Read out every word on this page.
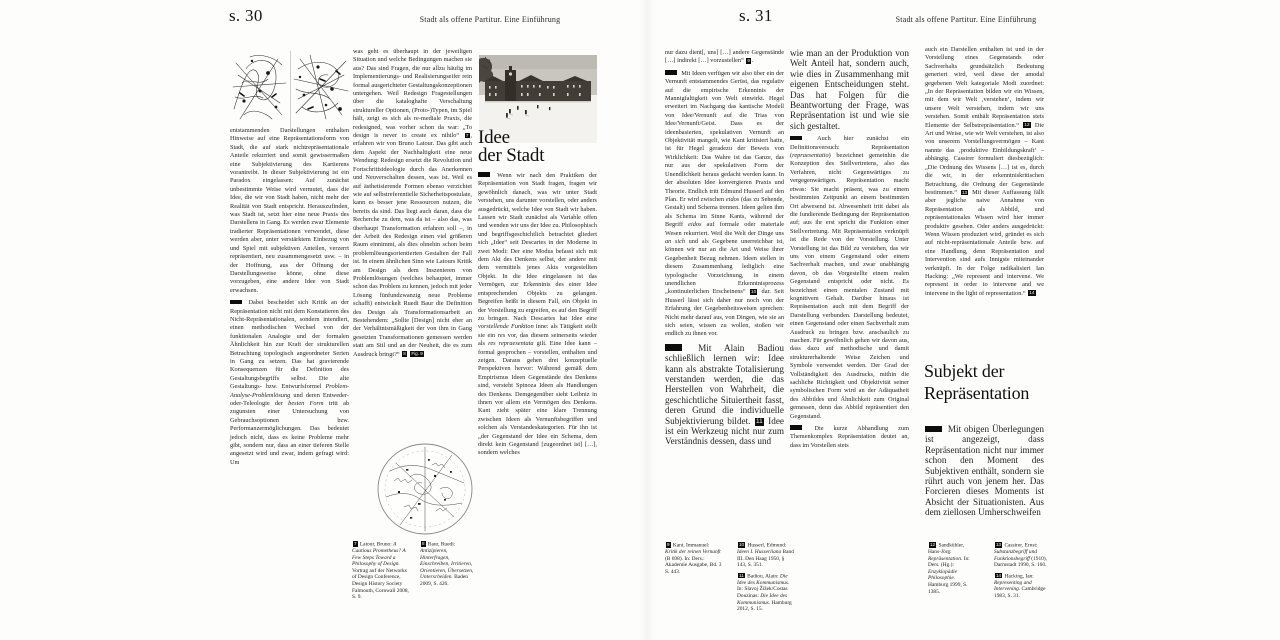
s. 30	Stadt als offene Partitur. Eine Einführung

entstammenden Darstellungen enthalten Hinweise auf eine Repräsentationsform von Stadt, die auf stark nichtrepräsentationale Anteile rekurriert und somit gewissermaßen eine Subjektivierung des Kartierens vorantreibt. In dieser Subjektivierung ist ein Paradox eingelassen: Auf zunächst unbestimmte Weise wird vermutet, dass die Idee, die wir von Stadt haben, nicht mehr der Realität von Stadt entspricht. Herauszufinden, was Stadt ist, setzt hier eine neue Praxis des Darstellens in Gang. Es werden zwar Elemente tradierter Repräsentationen verwendet, diese werden aber, unter verstärktem Einbezug von und Spiel mit subjektiven Anteilen, verzerrt repräsentiert, neu zusammengesetzt usw. – in der Hoffnung, aus der Öffnung der Darstellungsweise könne, ohne diese vorzugeben, eine andere Idee von Stadt erwachsen.

Dabei bescheidet sich Kritik an der Repräsentation nicht mit dem Konstatieren des Nicht-Repräsentationalen, sondern intendiert, einen methodischen Wechsel von der funktionalen Analogie und der formalen Ähnlichkeit hin zur Kraft der strukturellen Betrachtung topologisch angeordneter Serien in Gang zu setzen. Das hat gravierende Konsequenzen für die Definition des Gestaltungsbegriffs selbst. Die alte Gestaltungs- bzw. Entwurfsformel Problem-Analyse-Problemlösung und deren Entweder-oder-Teleologie der besten Form tritt ab zugunsten einer Untersuchung von Gebrauchsoptionen bzw. Performanzermöglichungen. Das bedeutet jedoch nicht, dass es keine Probleme mehr gibt, sondern nur, dass an einer tieferen Stelle angesetzt wird und zwar, indem gefragt wird: Um

was geht es überhaupt in der jeweiligen Situation und welche Bedingungen machen sie aus? Das sind Fragen, die nur allzu häufig im Implementierungs- und Realisierungseifer rein formal ausgerichteter Gestaltungskonzeptionen untergehen. Weil Redesign Fragestellungen über die kataloghafte Verschaltung struktureller Optionen, (Proto-)Typen, im Spiel hält, zeigt es sich als re-mediale Praxis, die redesigned, was vorher schon da war: „To design is never to create ex nihilo“ 7 , erfahren wir von Bruno Latour. Das gibt auch dem Aspekt der Nachhaltigkeit eine neue Wendung: Redesign ersetzt die Revolution und Fortschrittsideologie durch das Anerkennen und Neuverschalten dessen, was ist. Weil es auf ästhetisierende Formen ebenso verzichtet wie auf selbstreferentielle Sicherheitspostulate, kann es besser jene Ressourcen nutzen, die bereits da sind. Das liegt auch daran, dass die Recherche zu dem, was da ist – also das, was überhaupt Transformation erfahren soll –, in der Arbeit des Redesign einen viel größeren Raum einnimmt, als dies ohnehin schon beim problemlösungsorientierten Gestalten der Fall ist. In einem ähnlichen Sinn wie Latours Kritik am Design als dem Inszenieren von Problemlösungen (welches behauptet, immer schon das Problem zu kennen, jedoch mit jeder Lösung fünfundzwanzig neue Probleme schafft) entwickelt Ruedi Baur die Definition des Design als Transformationsarbeit an Bestehendem: „Sollte [Design] nicht eher an der Verhältnismäßigkeit der von ihm in Gang gesetzten Transformationen gemessen werden statt am Stil und an der Neuheit, die es zum Ausdruck bringt?“ 8 Fig. 9

Idee
der Stadt

Wenn wir nach den Praktiken der Repräsentation von Stadt fragen, fragen wir gewöhnlich danach, was wir unter Stadt verstehen, uns darunter vorstellen, oder anders ausgedrückt, welche Idee von Stadt wir haben. Lassen wir Stadt zunächst als Variable offen und wenden wir uns der Idee zu. Philosophisch und begriffsgeschichtlich betrachtet gliedert sich „Idee“ seit Descartes in der Moderne in zwei Modi: Der eine Modus befasst sich mit dem Akt des Denkens selbst, der andere mit dem vermittels jenes Akts vorgestellten Objekt. In die Idee eingelassen ist das Vermögen, zur Erkenntnis des einer Idee entsprechenden Objekts zu gelangen. Begreifen heißt in diesem Fall, ein Objekt in der Vorstellung zu ergreifen, es auf den Begriff zu bringen. Nach Descartes hat Idee eine vorstellende Funktion inne: als Tätigkeit stellt sie ein res vor, das diesem seinerseits wieder als res repraesentata gilt. Eine Idee kann – formal gesprochen – vorstellen, enthalten und zeigen. Daraus gehen drei konzeptuelle Perspektiven hervor: Während gemäß dem Empirismus Ideen Gegenstände des Denkens sind, versteht Spinoza Ideen als Handlungen des Denkens. Demgegenüber sieht Leibniz in ihnen vor allem ein Vermögen des Denkens. Kant zieht später eine klare Trennung zwischen Ideen als Vernunftsbegriffen und solchen als Verstandeskategorien. Für ihn ist „der Gegenstand der Idee ein Schema, dem direkt kein Gegenstand [zugeordnet ist] […], sondern welches

7 Latour, Bruno: A Cautious Prometheus? A Few Steps Toward a Philosophy of Design. Vortrag auf der Networks of Design Conference, Design History Society Falmouth, Cornwall 2008, S. 9.

8 Baur, Ruedi: Antizipieren, Hinterfragen, Einschreiben, Irritieren, Orientieren, Übersetzen, Unterscheiden. Baden 2009, S. 426.

s. 31	Stadt als offene Partitur. Eine Einführung

nur dazu dient[, uns] […] andere Gegenstände […] indirekt […] vorzustellen“ 9 .

Mit Ideen verfügen wir also über ein der Vernunft entstammendes Gerüst, das regulativ auf die empirische Erkenntnis der Mannigfaltigkeit von Welt einwirkt. Hegel erweitert im Nachgang das kantische Modell von Idee/Vernunft auf die Trias von Idee/Vernunft/Geist. Dass es der ideenbasierten, spekulativen Vernunft an Objektivität mangelt, wie Kant kritisiert hatte, ist für Hegel geradezu der Beweis von Wirklichkeit: Das Wahre ist das Ganze, das nur aus der spekulativen Form der Unendlichkeit heraus gedacht werden kann. In der absoluten Idee konvergieren Praxis und Theorie. Endlich tritt Edmund Husserl auf den Plan. Er wird zwischen eidos (das zu Sehende, Gestalt) und Schema trennen. Ideen gelten ihm als Schema im Sinne Kants, während der Begriff eidos auf formale oder materiale Wesen rekurriert. Weil die Welt der Dinge uns an sich und als Gegebene unerreichbar ist, können wir nur an die Art und Weise ihrer Gegebenheit Bezug nehmen. Ideen stellen in diesem Zusammenhang lediglich eine typologische Vorzeichnung, in einem unendlichen Erkenntnisprozess „kontinuierlichen Erscheinens“ 10 dar. Seit Husserl lässt sich daher nur noch von der Erfahrung der Gegebenheitsweisen sprechen: Nicht mehr darauf aus, von Dingen, wie sie an sich seien, wissen zu wollen, stoßen wir endlich zu ihnen vor.

Mit Alain Badiou schließlich lernen wir: Idee kann als abstrakte Totalisierung verstanden werden, die das Herstellen von Wahrheit, die geschichtliche Situiertheit fasst, deren Grund die individuelle Subjektivierung bildet. 11 Idee ist ein Werkzeug nicht nur zum Verständnis dessen, dass und

wie man an der Produktion von Welt Anteil hat, sondern auch, wie dies in Zusammenhang mit eigenen Entscheidungen steht. Das hat Folgen für die Beantwortung der Frage, was Repräsentation ist und wie sie sich gestaltet.

Auch hier zunächst ein Definitionsversuch: Repräsentation (repraesentatio) bezeichnet gemeinhin die Konzeption des Stellvertretens, also das Verfahren, nicht Gegenwärtiges zu vergegenwärtigen. Repräsentation macht etwas: Sie macht präsent, was zu einem bestimmten Zeitpunkt an einem bestimmten Ort abwesend ist. Abwesenheit tritt dabei als die fundierende Bedingung der Repräsentation auf; aus ihr erst spricht die Funktion einer Stellvertretung. Mit Repräsentation verknüpft ist die Rede von der Vorstellung. Unter Vorstellung ist das Bild zu verstehen, das wir uns von einem Gegenstand oder einem Sachverhalt machen, und zwar unabhängig davon, ob das Vorgestellte einem realen Gegenstand entspricht oder nicht. Es bezeichnet einen mentalen Zustand mit kognitivem Gehalt. Darüber hinaus ist Repräsentation auch mit dem Begriff der Darstellung verbunden. Darstellung bedeutet, einen Gegenstand oder einen Sachverhalt zum Ausdruck zu bringen bzw. anschaulich zu machen. Für gewöhnlich gehen wir davon aus, dass dazu auf methodische und damit strukturerhaltende Weise Zeichen und Symbole verwendet werden. Der Grad der Vollständigkeit des Ausdrucks, mithin die sachliche Richtigkeit und Objektivität seiner symbolischen Form wird an der Adäquatheit des Abbildes und Ähnlichkeit zum Original gemessen, denn das Abbild repräsentiert den Gegenstand.

Die kurze Abhandlung zum Themenkomplex Repräsentation deutet an, dass im Vorstellen stets

auch ein Darstellen enthalten ist und in der Vorstellung eines Gegenstands oder Sachverhalts grundsätzlich Bedeutung generiert wird, weil diese der amodal gegebenen Welt kategoriale Modi zuordnet: „In der Repräsentation bilden wir ein Wissen, mit dem wir Welt ‚verstehen‘, indem wir unsere Welt verstehen, indem wir uns verstehen. Somit enthält Repräsentation stets Elemente der Selbstrepräsentation.“ 12 Die Art und Weise, wie wir Welt verstehen, ist also von unserem Vorstellungsvermögen – Kant nannte das ‚produktive Einbildungskraft‘ – abhängig. Cassirer formuliert diesbezüglich: „Die Ordnung des Wissens […] ist es, durch die wir, in der erkenntniskritischen Betrachtung, die Ordnung der Gegenstände bestimmen.“ 13 Mit dieser Auffassung fällt aber jegliche naive Annahme von Repräsentation als Abbild, und repräsentationales Wissen wird hier immer produktiv gesehen. Oder anders ausgedrückt: Wenn Wissen produziert wird, gründet es sich auf nicht-repräsentationale Anteile bzw. auf eine Handlung, denn Repräsentation und Intervention sind aufs Innigste miteinander verknüpft. In der Folge radikalisiert Ian Hacking: „We represent and intervene. We represent in order to intervene and we intervene in the light of representation.“ 14

Subjekt der
Repräsentation

Mit obigen Überlegungen ist angezeigt, dass Repräsentation nicht nur immer schon den Moment des Subjektiven enthält, sondern sie rührt auch von jenem her. Das Forcieren dieses Moments ist Absicht der Situationisten. Aus dem ziellosen Umherschweifen

9 Kant, Immanuel: Kritik der reinen Vernunft (B 698). In: Ders.: Akademie Ausgabe, Bd. 3 S. 443.

10 Husserl, Edmund: Ideen I. Husserliana Band III. Den Haag 1950, § 143, S. 351.

11 Badiou, Alain: Die Idee des Kommunismus. In: Slavoj Žižek/Costas Douzinas: Die Idee des Kommunismus. Hamburg 2012, S. 15.

12 Sandkühler, Hans-Jörg: Repräsentation. In: Ders. (Hg.): Enzyklopädie Philosophie. Hamburg 1999, S. 1385.

13 Cassirer, Ernst: Substanzbegriff und Funktionsbegriff (1910), Darmstadt 1990, S. 160.

14 Hacking, Ian: Representing and Intervening. Cambridge 1983, S. 31.
